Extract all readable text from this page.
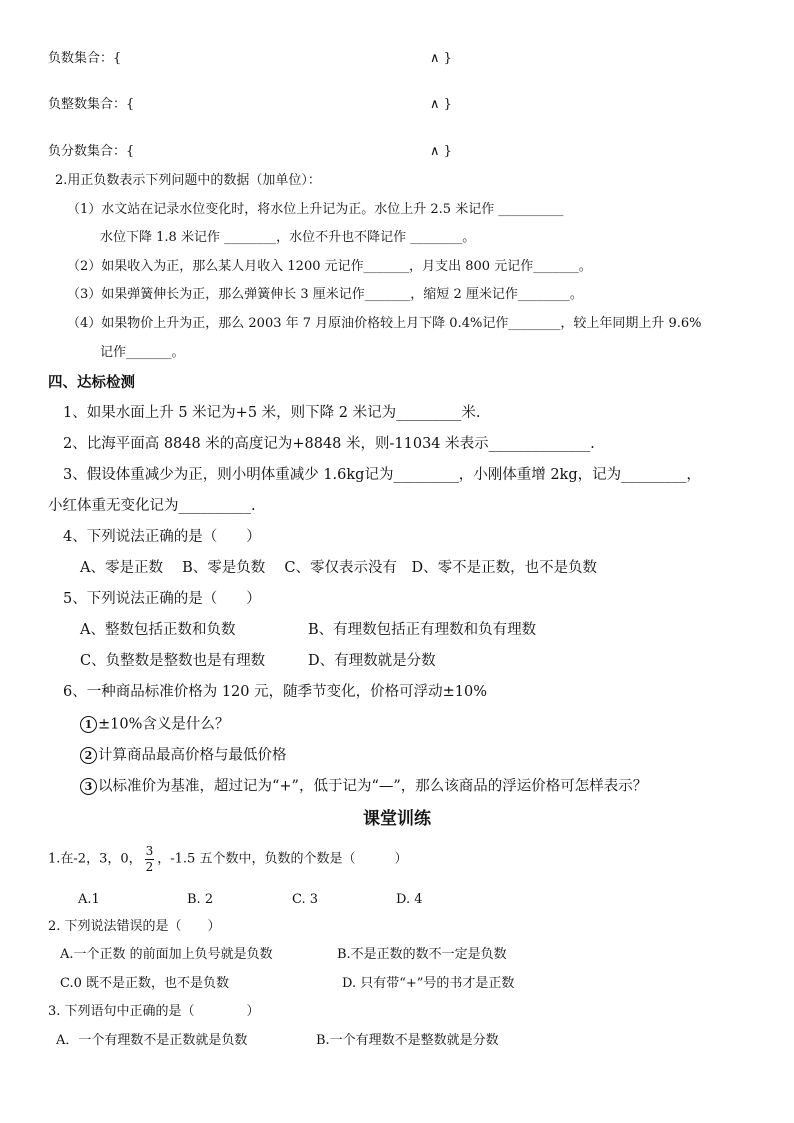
负数集合：{	∧ }
负整数集合：{	∧ }
负分数集合：{	∧ }
2.用正负数表示下列问题中的数据（加单位）：
（1）水文站在记录水位变化时，将水位上升记为正。水位上升 2.5 米记作 __________
水位下降 1.8 米记作 ________，水位不升也不降记作 ________。
（2）如果收入为正，那么某人月收入 1200 元记作_______，月支出 800 元记作_______。
（3）如果弹簧伸长为正，那么弹簧伸长 3 厘米记作_______，缩短 2 厘米记作________。
（4）如果物价上升为正，那么 2003 年 7 月原油价格较上月下降 0.4%记作________，较上年同期上升 9.6%
记作_______。
四、达标检测
1、如果水面上升 5 米记为+5 米，则下降 2 米记为_________米.
2、比海平面高 8848 米的高度记为+8848 米，则-11034 米表示______________.
3、假设体重减少为正，则小明体重减少 1.6kg记为_________，小刚体重增 2kg，记为_________，
小红体重无变化记为__________.
4、下列说法正确的是（　　）
A、零是正数　 B、零是负数　 C、零仅表示没有　D、零不是正数，也不是负数
5、下列说法正确的是（　　）
A、整数包括正数和负数	B、有理数包括正有理数和负有理数
C、负整数是整数也是有理数	D、有理数就是分数
6、一种商品标准价格为 120 元，随季节变化，价格可浮动±10%
1 ±10%含义是什么？
2 计算商品最高价格与最低价格
3 以标准价为基准，超过记为“+”，低于记为“—”，那么该商品的浮运价格可怎样表示？
课堂训练
1.在-2，3，0， $\frac{3}{2}$ ，-1.5 五个数中，负数的个数是（　　　）
A.1	B. 2	C. 3	D. 4
2. 下列说法错误的是（　　）
A.一个正数 的前面加上负号就是负数	B.不是正数的数不一定是负数
C.0 既不是正数，也不是负数	D. 只有带“+”号的书才是正数
3. 下列语句中正确的是（　　　　）
A．一个有理数不是正数就是负数	B.一个有理数不是整数就是分数
